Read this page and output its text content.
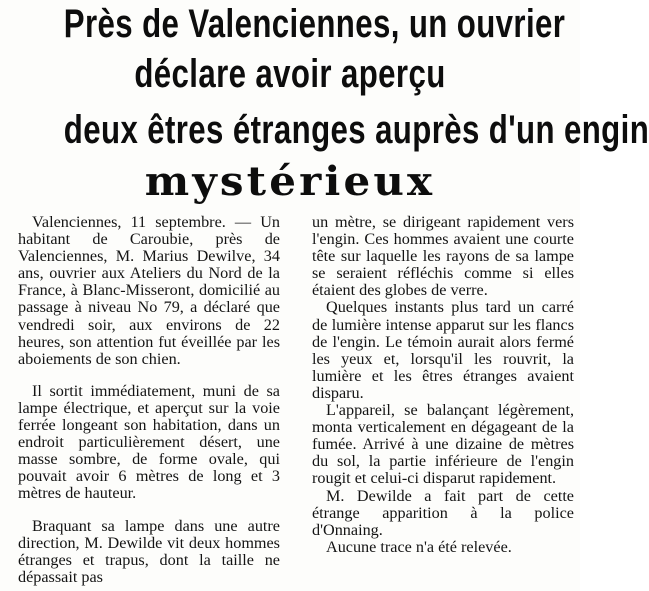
Près de Valenciennes, un ouvrier
déclare avoir aperçu
deux êtres étranges auprès d'un engin
mystérieux

Valenciennes, 11 septembre. — Un habitant de Caroubie, près de Valenciennes, M. Marius Dewilve, 34 ans, ouvrier aux Ateliers du Nord de la France, à Blanc-Misseront, domicilié au passage à niveau No 79, a déclaré que vendredi soir, aux environs de 22 heures, son attention fut éveillée par les aboiements de son chien.

Il sortit immédiatement, muni de sa lampe électrique, et aperçut sur la voie ferrée longeant son habitation, dans un endroit particulièrement désert, une masse sombre, de forme ovale, qui pouvait avoir 6 mètres de long et 3 mètres de hauteur.

Braquant sa lampe dans une autre direction, M. Dewilde vit deux hommes étranges et trapus, dont la taille ne dépassait pas

un mètre, se dirigeant rapidement vers l'engin. Ces hommes avaient une courte tête sur laquelle les rayons de sa lampe se seraient réfléchis comme si elles étaient des globes de verre.

Quelques instants plus tard un carré de lumière intense apparut sur les flancs de l'engin. Le témoin aurait alors fermé les yeux et, lorsqu'il les rouvrit, la lumière et les êtres étranges avaient disparu.

L'appareil, se balançant légèrement, monta verticalement en dégageant de la fumée. Arrivé à une dizaine de mètres du sol, la partie inférieure de l'engin rougit et celui-ci disparut rapidement.

M. Dewilde a fait part de cette étrange apparition à la police d'Onnaing.

Aucune trace n'a été relevée.
